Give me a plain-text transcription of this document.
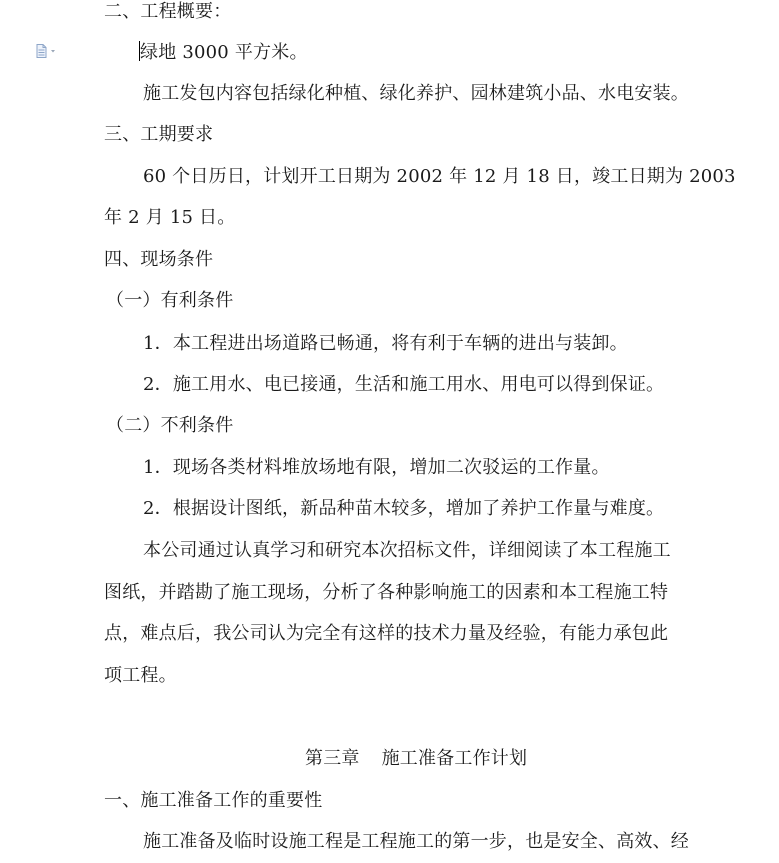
二、工程概要：
绿地 3000 平方米。
施工发包内容包括绿化种植、绿化养护、园林建筑小品、水电安装。
三、工期要求
60 个日历日，计划开工日期为 2002 年 12 月 18 日，竣工日期为 2003
年 2 月 15 日。
四、现场条件
（一）有利条件
1．本工程进出场道路已畅通，将有利于车辆的进出与装卸。
2．施工用水、电已接通，生活和施工用水、用电可以得到保证。
（二）不利条件
1．现场各类材料堆放场地有限，增加二次驳运的工作量。
2．根据设计图纸，新品种苗木较多，增加了养护工作量与难度。
本公司通过认真学习和研究本次招标文件，详细阅读了本工程施工
图纸，并踏勘了施工现场，分析了各种影响施工的因素和本工程施工特
点，难点后，我公司认为完全有这样的技术力量及经验，有能力承包此
项工程。
第三章 施工准备工作计划
一、施工准备工作的重要性
施工准备及临时设施工程是工程施工的第一步，也是安全、高效、经
